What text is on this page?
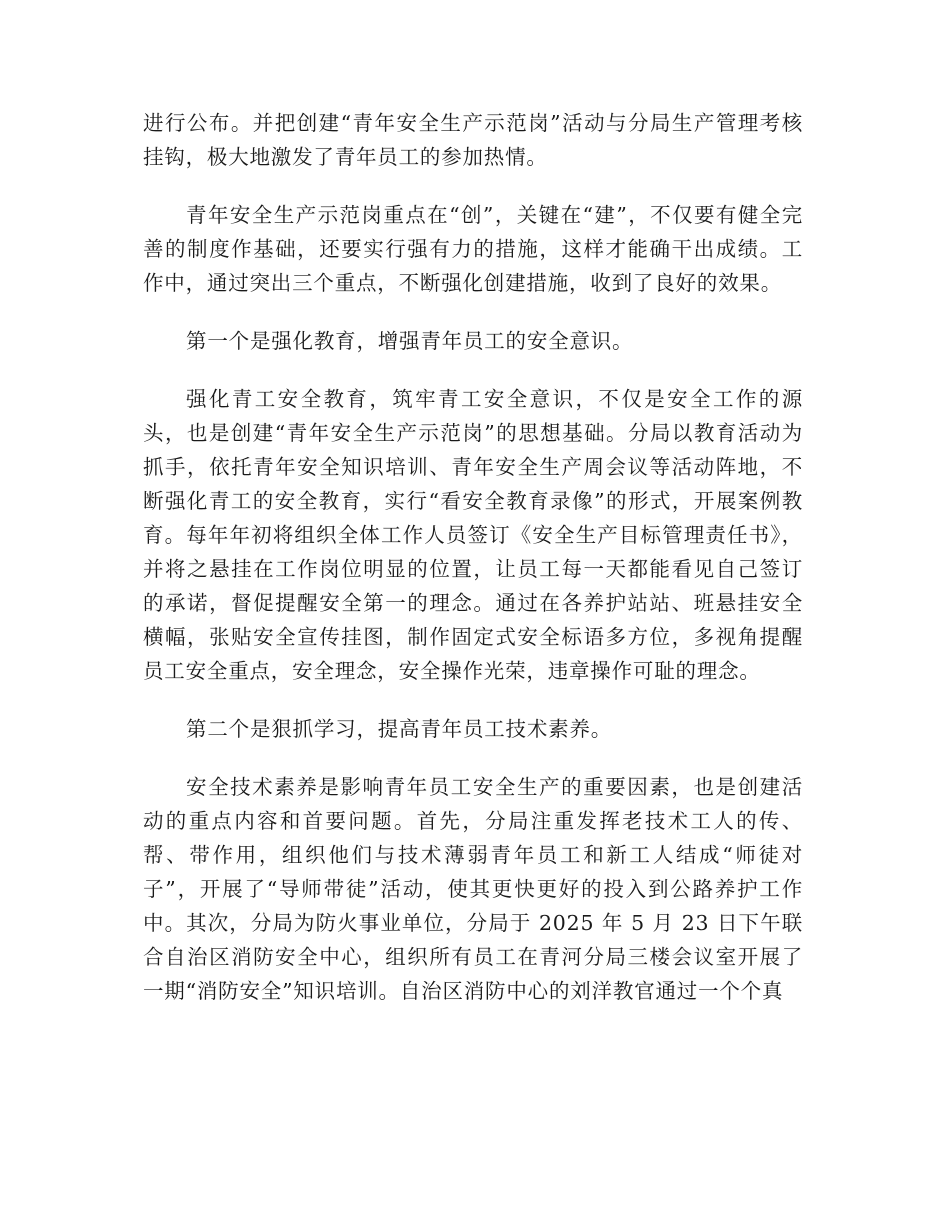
进行公布。并把创建“青年安全生产示范岗”活动与分局生产管理考核挂钩，极大地激发了青年员工的参加热情。

青年安全生产示范岗重点在“创”，关键在“建”，不仅要有健全完善的制度作基础，还要实行强有力的措施，这样才能确干出成绩。工作中，通过突出三个重点，不断强化创建措施，收到了良好的效果。

第一个是强化教育，增强青年员工的安全意识。

强化青工安全教育，筑牢青工安全意识，不仅是安全工作的源头，也是创建“青年安全生产示范岗”的思想基础。分局以教育活动为抓手，依托青年安全知识培训、青年安全生产周会议等活动阵地，不断强化青工的安全教育，实行“看安全教育录像”的形式，开展案例教育。每年年初将组织全体工作人员签订《安全生产目标管理责任书》，并将之悬挂在工作岗位明显的位置，让员工每一天都能看见自己签订的承诺，督促提醒安全第一的理念。通过在各养护站站、班悬挂安全横幅，张贴安全宣传挂图，制作固定式安全标语多方位，多视角提醒员工安全重点，安全理念，安全操作光荣，违章操作可耻的理念。

第二个是狠抓学习，提高青年员工技术素养。

安全技术素养是影响青年员工安全生产的重要因素，也是创建活动的重点内容和首要问题。首先，分局注重发挥老技术工人的传、帮、带作用，组织他们与技术薄弱青年员工和新工人结成“师徒对子”，开展了“导师带徒”活动，使其更快更好的投入到公路养护工作中。其次，分局为防火事业单位，分局于 2025 年 5 月 23 日下午联合自治区消防安全中心，组织所有员工在青河分局三楼会议室开展了一期“消防安全”知识培训。自治区消防中心的刘洋教官通过一个个真
